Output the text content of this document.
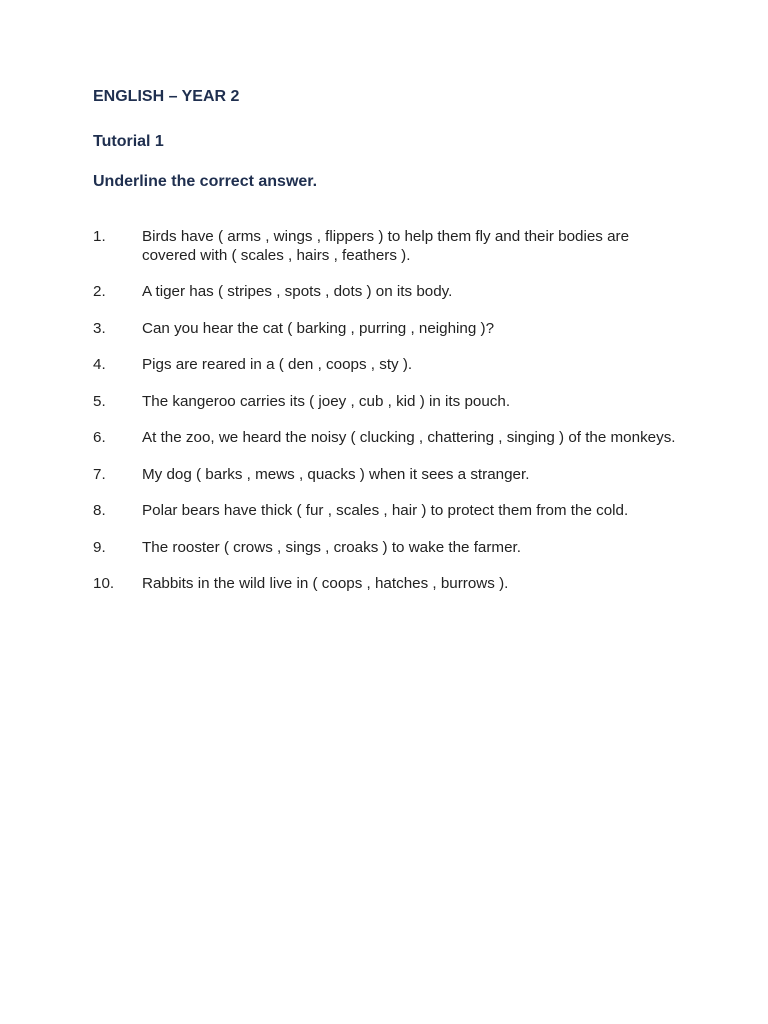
ENGLISH – YEAR 2
Tutorial 1
Underline the correct answer.
1. Birds have ( arms , wings , flippers ) to help them fly and their bodies are covered with ( scales , hairs , feathers ).
2. A tiger has ( stripes , spots , dots ) on its body.
3. Can you hear the cat ( barking , purring , neighing )?
4. Pigs are reared in a ( den , coops , sty ).
5. The kangeroo carries its ( joey , cub , kid ) in its pouch.
6. At the zoo, we heard the noisy ( clucking , chattering , singing ) of the monkeys.
7. My dog ( barks , mews , quacks ) when it sees a stranger.
8. Polar bears have thick ( fur , scales , hair ) to protect them from the cold.
9. The rooster ( crows , sings , croaks ) to wake the farmer.
10. Rabbits in the wild live in ( coops , hatches , burrows ).
